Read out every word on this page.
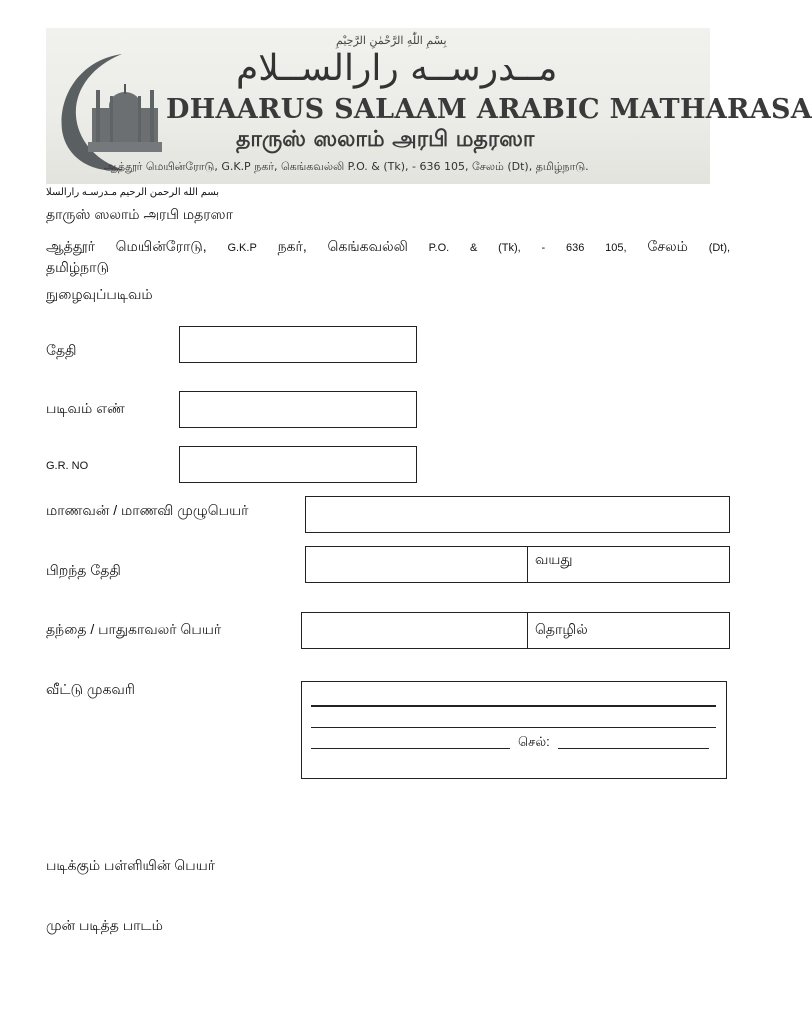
بِسْمِ اللّٰهِ الرَّحْمٰنِ الرَّحِيْمِ
مــدرســه رارالســلام
DHAARUS SALAAM ARABIC MATHARASA
தாருஸ் ஸலாம் அரபி மதரஸா
ஆத்தூர் மெயின்ரோடு, G.K.P நகர், கெங்கவல்லி P.O. & (Tk), - 636 105, சேலம் (Dt), தமிழ்நாடு.
بسم الله الرحمن الرحيم مـدرسـه رارالسلا
தாருஸ் ஸலாம் அரபி மதரஸா
ஆத்தூர் மெயின்ரோடு, G.K.P நகர், கெங்கவல்லி P.O. & (Tk), - 636 105, சேலம் (Dt),
தமிழ்நாடு
நுழைவுப்படிவம்
தேதி
படிவம் எண்
G.R. NO
மாணவன் / மாணவி முழுபெயர்
பிறந்த தேதி
வயது
தந்தை / பாதுகாவலர் பெயர்	தொழில்
வீட்டு முகவரி
செல்:
படிக்கும் பள்ளியின் பெயர்
முன் படித்த பாடம்
